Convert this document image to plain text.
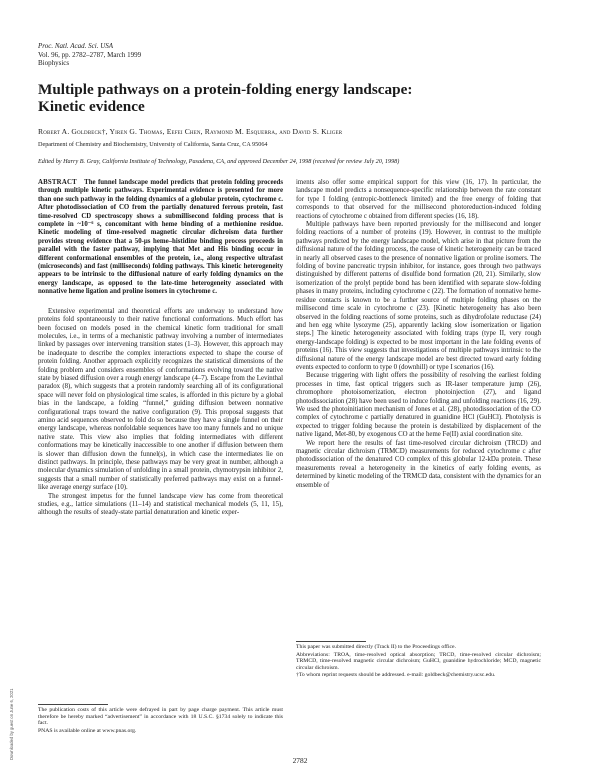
Proc. Natl. Acad. Sci. USA
Vol. 96, pp. 2782–2787, March 1999
Biophysics
Multiple pathways on a protein-folding energy landscape:
Kinetic evidence
Robert A. Goldbeck†, Yiren G. Thomas, Eefei Chen, Raymond M. Esquerra, and David S. Kliger
Department of Chemistry and Biochemistry, University of California, Santa Cruz, CA 95064
Edited by Harry B. Gray, California Institute of Technology, Pasadena, CA, and approved December 24, 1998 (received for review July 20, 1998)

ABSTRACT The funnel landscape model predicts that protein folding proceeds through multiple kinetic pathways. Experimental evidence is presented for more than one such pathway in the folding dynamics of a globular protein, cytochrome c. After photodissociation of CO from the partially denatured ferrous protein, fast time-resolved CD spectroscopy shows a submillisecond folding process that is complete in ~10⁻⁶ s, concomitant with heme binding of a methionine residue. Kinetic modeling of time-resolved magnetic circular dichroism data further provides strong evidence that a 50-μs heme–histidine binding process proceeds in parallel with the faster pathway, implying that Met and His binding occur in different conformational ensembles of the protein, i.e., along respective ultrafast (microseconds) and fast (milliseconds) folding pathways. This kinetic heterogeneity appears to be intrinsic to the diffusional nature of early folding dynamics on the energy landscape, as opposed to the late-time heterogeneity associated with nonnative heme ligation and proline isomers in cytochrome c.

Extensive experimental and theoretical efforts are underway to understand how proteins fold spontaneously to their native functional conformations. Much effort has been focused on models posed in the chemical kinetic form traditional for small molecules, i.e., in terms of a mechanistic pathway involving a number of intermediates linked by passages over intervening transition states (1–3). However, this approach may be inadequate to describe the complex interactions expected to shape the course of protein folding. Another approach explicitly recognizes the statistical dimensions of the folding problem and considers ensembles of conformations evolving toward the native state by biased diffusion over a rough energy landscape (4–7). Escape from the Levinthal paradox (8), which suggests that a protein randomly searching all of its configurational space will never fold on physiological time scales, is afforded in this picture by a global bias in the landscape, a folding “funnel,” guiding diffusion between nonnative configurational traps toward the native configuration (9). This proposal suggests that amino acid sequences observed to fold do so because they have a single funnel on their energy landscape, whereas nonfoldable sequences have too many funnels and no unique native state. This view also implies that folding intermediates with different conformations may be kinetically inaccessible to one another if diffusion between them is slower than diffusion down the funnel(s), in which case the intermediates lie on distinct pathways. In principle, these pathways may be very great in number, although a molecular dynamics simulation of unfolding in a small protein, chymotrypsin inhibitor 2, suggests that a small number of statistically preferred pathways may exist on a funnel-like average energy surface (10).

The strongest impetus for the funnel landscape view has come from theoretical studies, e.g., lattice simulations (11–14) and statistical mechanical models (5, 11, 15), although the results of steady-state partial denaturation and kinetic exper-

iments also offer some empirical support for this view (16, 17). In particular, the landscape model predicts a nonsequence-specific relationship between the rate constant for type I folding (entropic-bottleneck limited) and the free energy of folding that corresponds to that observed for the millisecond photoreduction-induced folding reactions of cytochrome c obtained from different species (16, 18).

Multiple pathways have been reported previously for the millisecond and longer folding reactions of a number of proteins (19). However, in contrast to the multiple pathways predicted by the energy landscape model, which arise in that picture from the diffusional nature of the folding process, the cause of kinetic heterogeneity can be traced in nearly all observed cases to the presence of nonnative ligation or proline isomers. The folding of bovine pancreatic trypsin inhibitor, for instance, goes through two pathways distinguished by different patterns of disulfide bond formation (20, 21). Similarly, slow isomerization of the prolyl peptide bond has been identified with separate slow-folding phases in many proteins, including cytochrome c (22). The formation of nonnative heme-residue contacts is known to be a further source of multiple folding phases on the millisecond time scale in cytochrome c (23). [Kinetic heterogeneity has also been observed in the folding reactions of some proteins, such as dihydrofolate reductase (24) and hen egg white lysozyme (25), apparently lacking slow isomerization or ligation steps.] The kinetic heterogeneity associated with folding traps (type II, very rough energy-landscape folding) is expected to be most important in the late folding events of proteins (16). This view suggests that investigations of multiple pathways intrinsic to the diffusional nature of the energy landscape model are best directed toward early folding events expected to conform to type 0 (downhill) or type I scenarios (16).

Because triggering with light offers the possibility of resolving the earliest folding processes in time, fast optical triggers such as IR-laser temperature jump (26), chromophore photoisomerization, electron photoinjection (27), and ligand photodissociation (28) have been used to induce folding and unfolding reactions (16, 29). We used the photoinitiation mechanism of Jones et al. (28), photodissociation of the CO complex of cytochrome c partially denatured in guanidine HCl (GuHCl). Photolysis is expected to trigger folding because the protein is destabilized by displacement of the native ligand, Met-80, by exogenous CO at the heme Fe(II) axial coordination site.

We report here the results of fast time-resolved circular dichroism (TRCD) and magnetic circular dichroism (TRMCD) measurements for reduced cytochrome c after photodissociation of the denatured CO complex of this globular 12-kDa protein. These measurements reveal a heterogeneity in the kinetics of early folding events, as determined by kinetic modeling of the TRMCD data, consistent with the dynamics for an ensemble of

The publication costs of this article were defrayed in part by page charge payment. This article must therefore be hereby marked “advertisement” in accordance with 18 U.S.C. §1734 solely to indicate this fact.

PNAS is available online at www.pnas.org.

This paper was submitted directly (Track II) to the Proceedings office.

Abbreviations: TROA, time-resolved optical absorption; TRCD, time-resolved circular dichroism; TRMCD, time-resolved magnetic circular dichroism; GuHCl, guanidine hydrochloride; MCD, magnetic circular dichroism.

†To whom reprint requests should be addressed. e-mail: goldbeck@chemistry.ucsc.edu.

2782
Downloaded by guest on June 6, 2021
